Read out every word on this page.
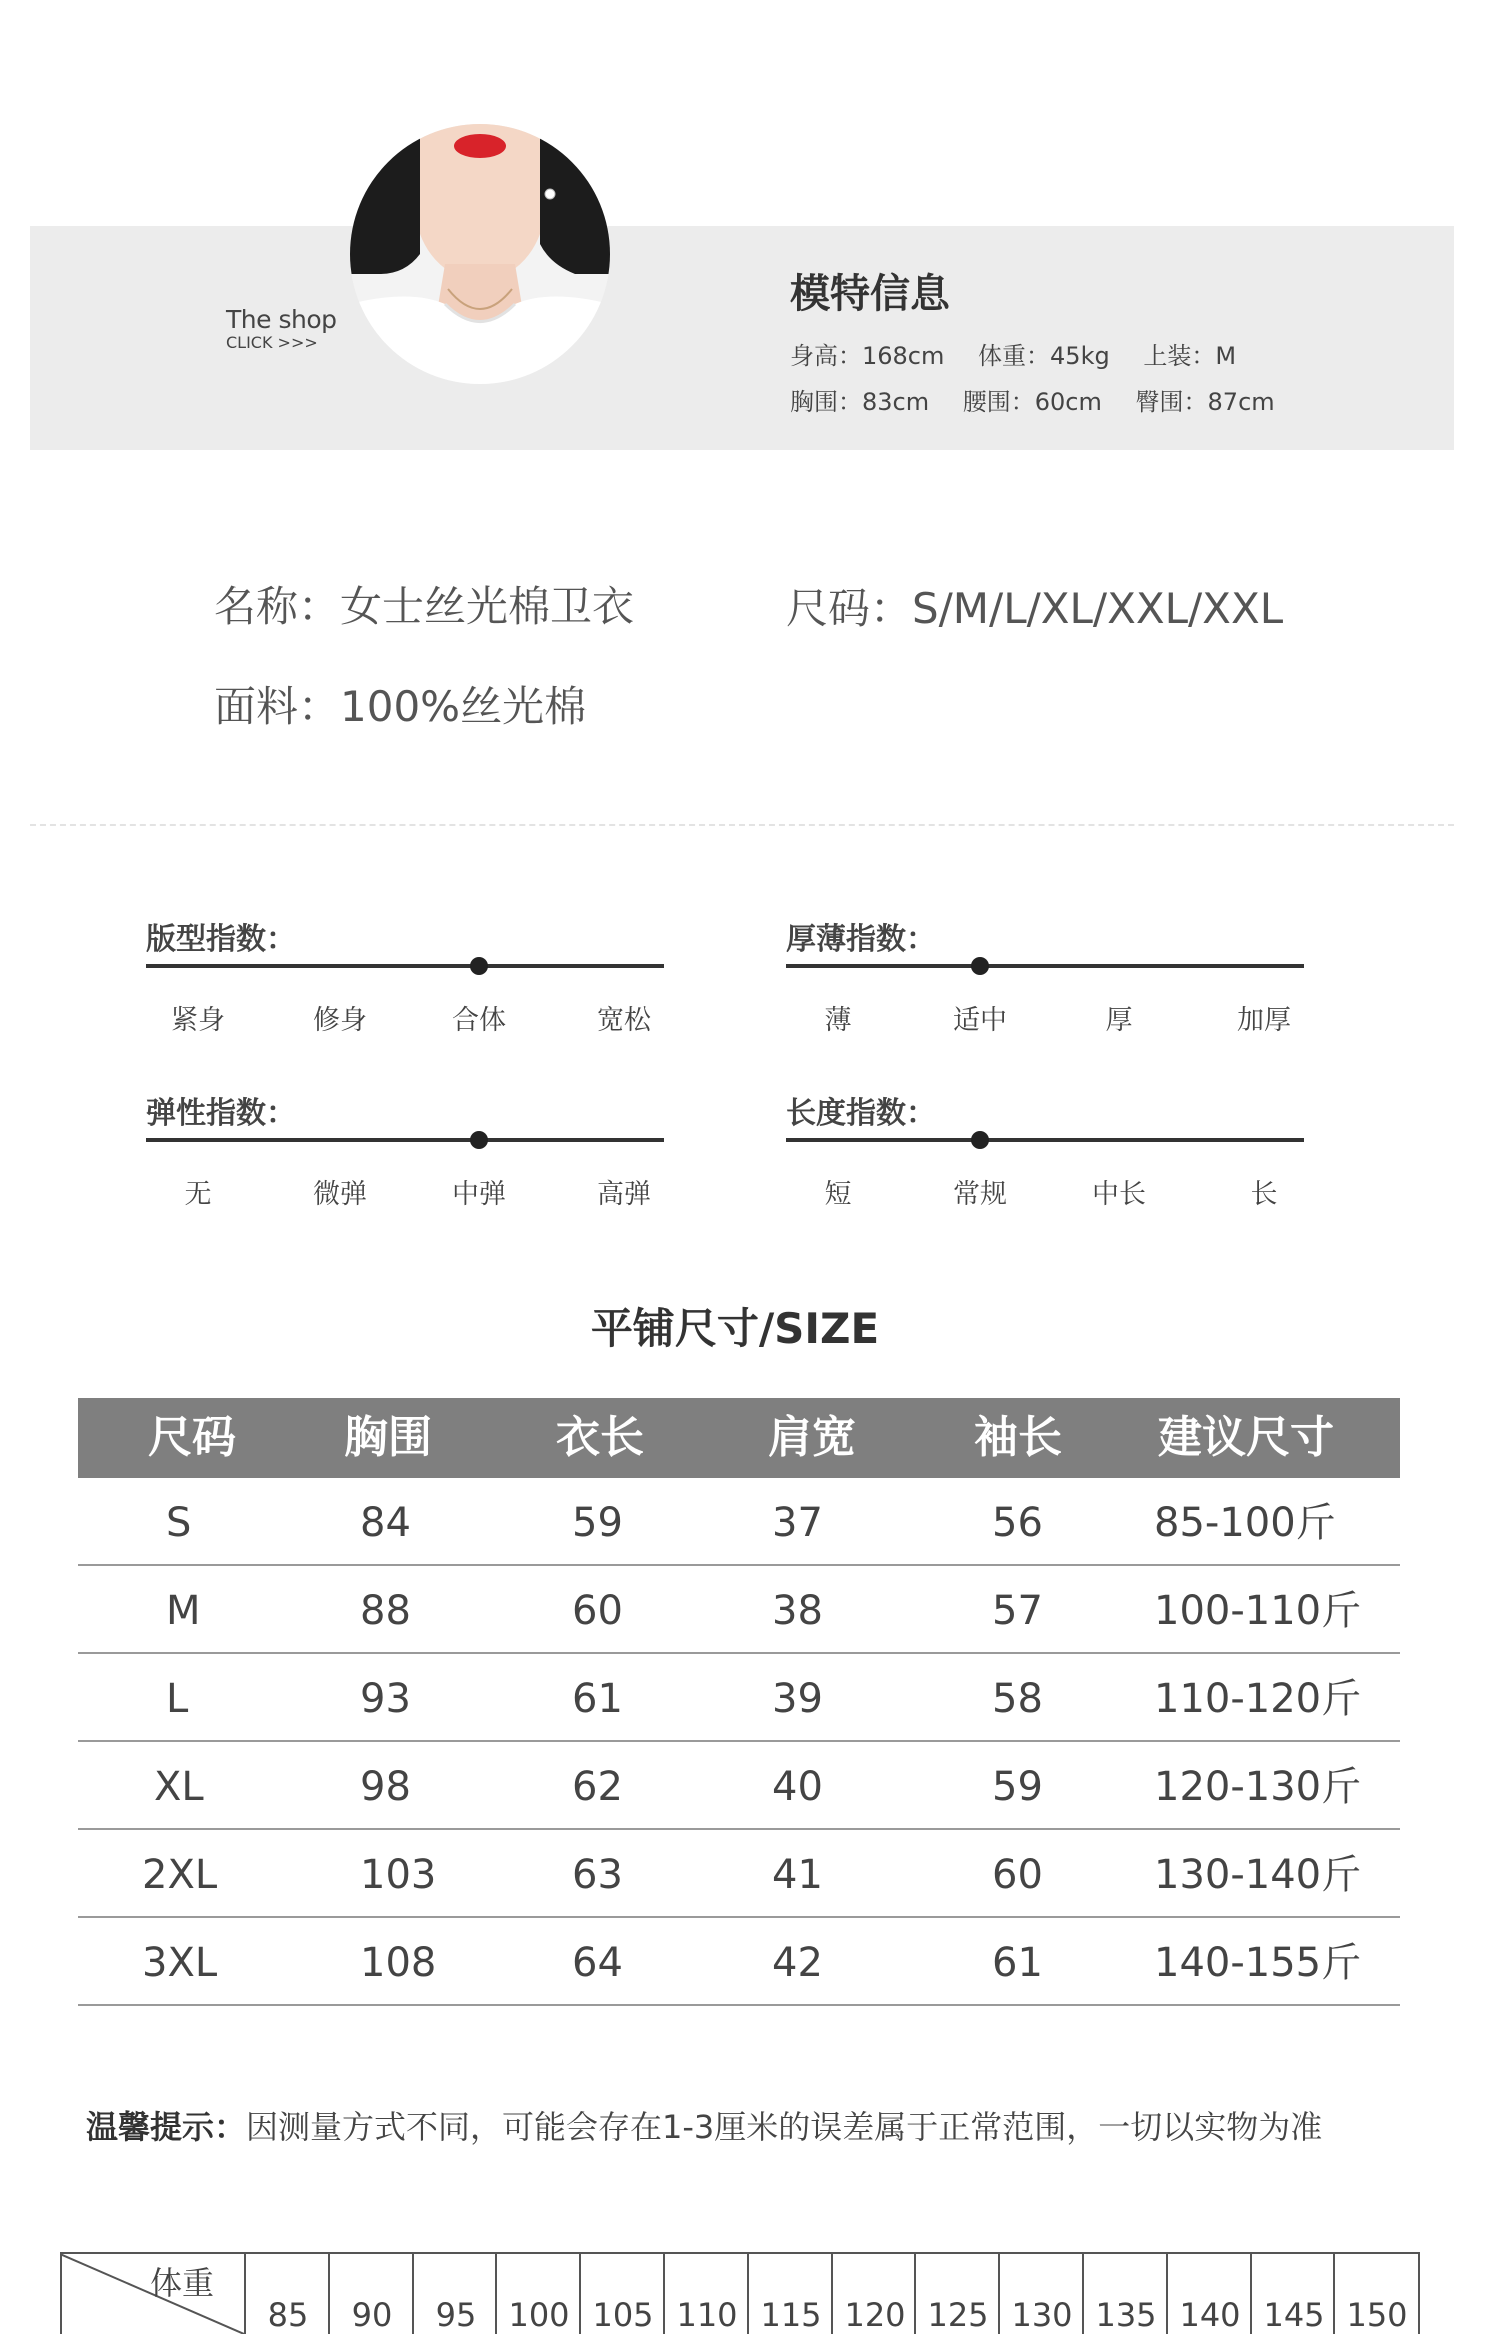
The shop
CLICK >>>
模特信息
身高：168cm 体重：45kg 上装：M
胸围：83cm 腰围：60cm 臀围：87cm
名称：女士丝光棉卫衣	尺码：S/M/L/XL/XXL/XXL
面料：100%丝光棉
版型指数：
紧身	修身	合体	宽松
厚薄指数：
薄	适中	厚	加厚
弹性指数：
无	微弹	中弹	高弹
长度指数：
短	常规	中长	长
平铺尺寸/SIZE
尺码 胸围	衣长	肩宽	袖长 建议尺寸
S	84	59	37	56	85-100斤
M	88	60	38	57	100-110斤
L	93	61	39	58	110-120斤
XL	98	62	40	59	120-130斤
2XL	103	63	41	60	130-140斤
3XL	108	64	42	61	140-155斤
温馨提示：因测量方式不同，可能会存在1-3厘米的误差属于正常范围，一切以实物为准
体重
85	90	95	100 105 110 115 120 125 130 135 140 145 150
